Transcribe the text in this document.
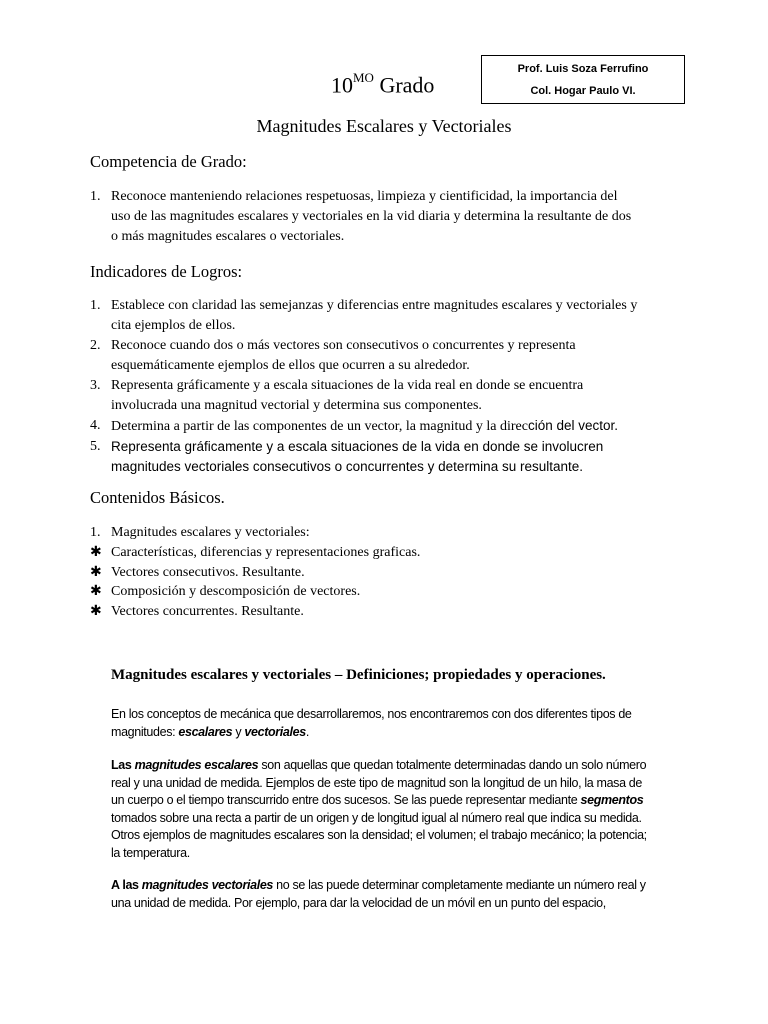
Prof. Luis Soza Ferrufino
Col. Hogar Paulo VI.
$10^{MO}$ Grado
Magnitudes Escalares y Vectoriales
Competencia de Grado:
1. Reconoce manteniendo relaciones respetuosas, limpieza y cientificidad, la importancia del
uso de las magnitudes escalares y vectoriales en la vid diaria y determina la resultante de dos
o más magnitudes escalares o vectoriales.
Indicadores de Logros:
1. Establece con claridad las semejanzas y diferencias entre magnitudes escalares y vectoriales y
cita ejemplos de ellos.
2. Reconoce cuando dos o más vectores son consecutivos o concurrentes y representa
esquemáticamente ejemplos de ellos que ocurren a su alrededor.
3. Representa gráficamente y a escala situaciones de la vida real en donde se encuentra
involucrada una magnitud vectorial y determina sus componentes.
4. Determina a partir de las componentes de un vector, la magnitud y la dirección del vector.
5. Representa gráficamente y a escala situaciones de la vida en donde se involucren
magnitudes vectoriales consecutivos o concurrentes y determina su resultante.
Contenidos Básicos.
1. Magnitudes escalares y vectoriales:
✱ Características, diferencias y representaciones graficas.
✱ Vectores consecutivos. Resultante.
✱ Composición y descomposición de vectores.
✱ Vectores concurrentes. Resultante.
Magnitudes escalares y vectoriales – Definiciones; propiedades y operaciones.
En los conceptos de mecánica que desarrollaremos, nos encontraremos con dos diferentes tipos de
magnitudes: escalares y vectoriales.
Las magnitudes escalares son aquellas que quedan totalmente determinadas dando un solo número
real y una unidad de medida. Ejemplos de este tipo de magnitud son la longitud de un hilo, la masa de
un cuerpo o el tiempo transcurrido entre dos sucesos. Se las puede representar mediante segmentos
tomados sobre una recta a partir de un origen y de longitud igual al número real que indica su medida.
Otros ejemplos de magnitudes escalares son la densidad; el volumen; el trabajo mecánico; la potencia;
la temperatura.
A las magnitudes vectoriales no se las puede determinar completamente mediante un número real y
una unidad de medida. Por ejemplo, para dar la velocidad de un móvil en un punto del espacio,
